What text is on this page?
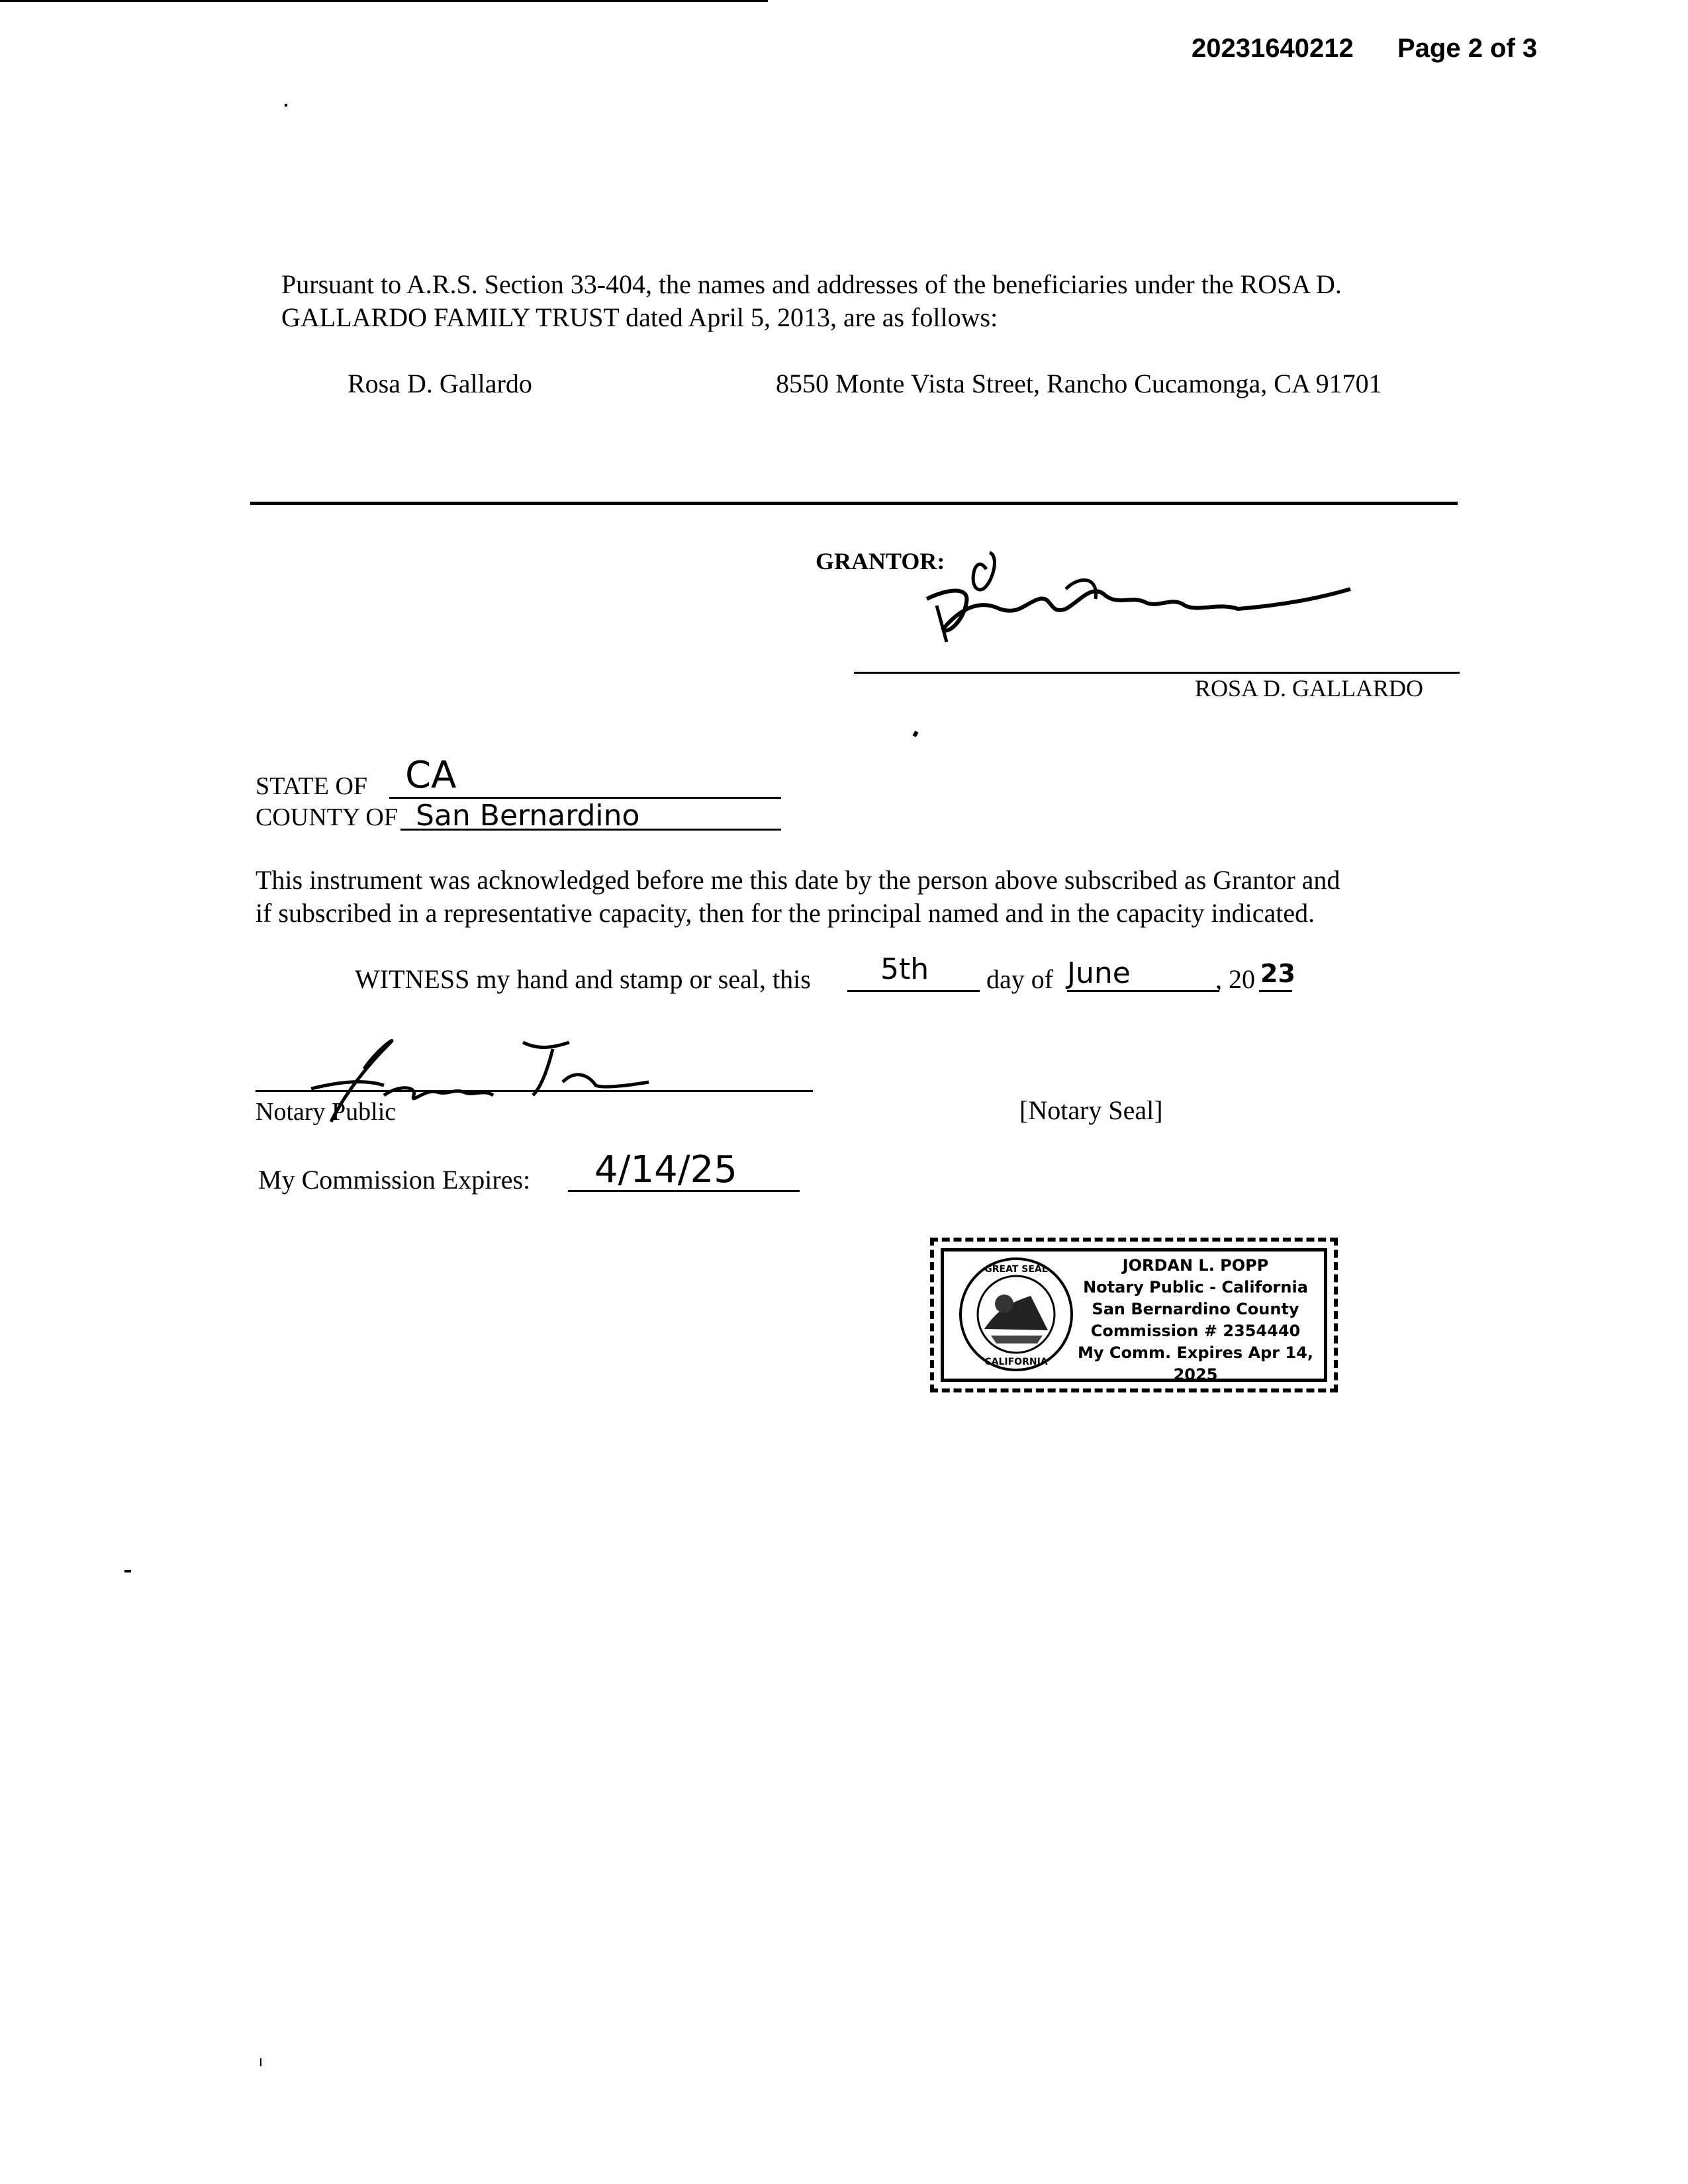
20231640212 Page 2 of 3
Pursuant to A.R.S. Section 33-404, the names and addresses of the beneficiaries under the ROSA D.
GALLARDO FAMILY TRUST dated April 5, 2013, are as follows:
Rosa D. Gallardo	8550 Monte Vista Street, Rancho Cucamonga, CA 91701
GRANTOR:
ROSA D. GALLARDO
STATE OF CA
COUNTY OF San Bernardino
This instrument was acknowledged before me this date by the person above subscribed as Grantor and
if subscribed in a representative capacity, then for the principal named and in the capacity indicated.
WITNESS my hand and stamp or seal, this 5th day of June	, 20 23
Notary Public	[Notary Seal]
My Commission Expires: 4/14/25
GREAT SEAL
CALIFORNIA
JORDAN L. POPP
Notary Public - California
San Bernardino County
Commission # 2354440
My Comm. Expires Apr 14, 2025
